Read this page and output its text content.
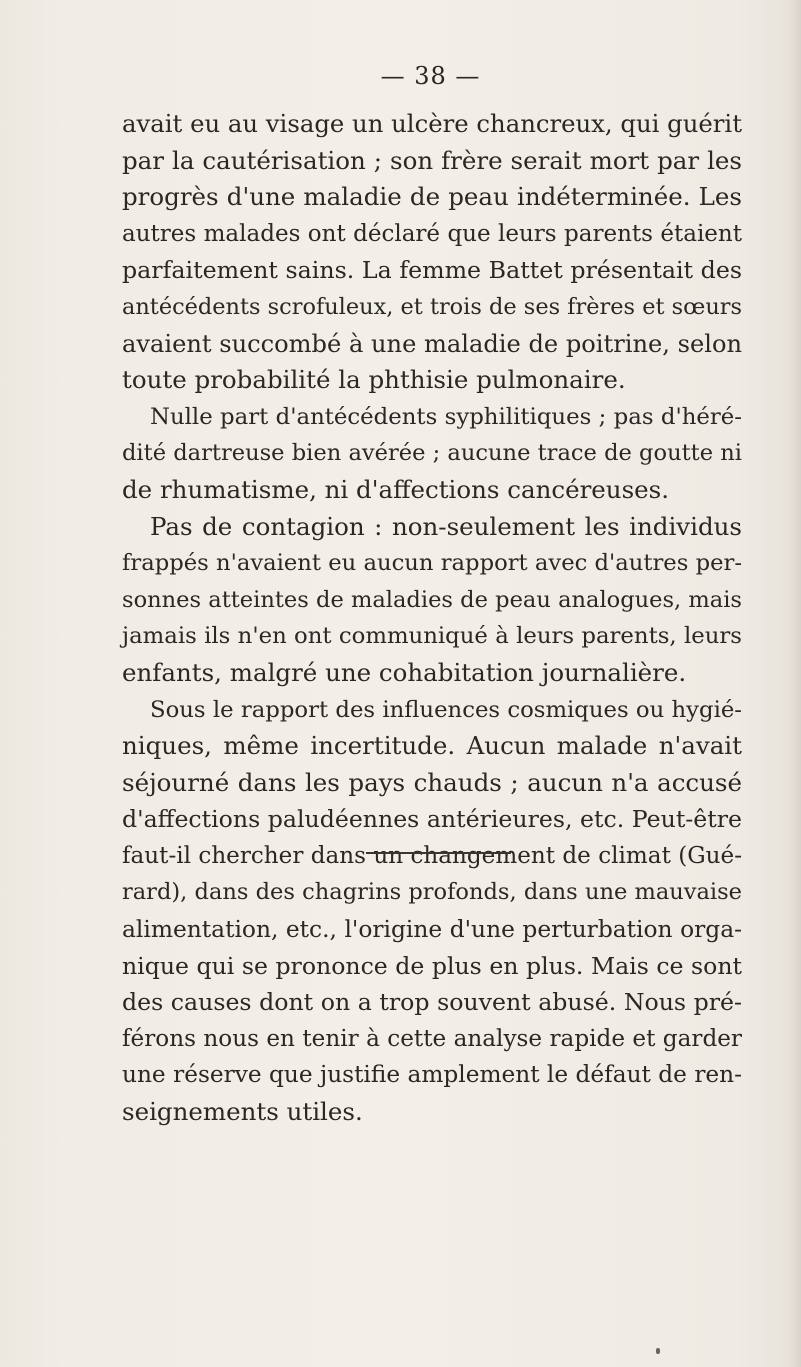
— 38 —
avait eu au visage un ulcère chancreux, qui guérit
par la cautérisation ; son frère serait mort par les
progrès d'une maladie de peau indéterminée. Les
autres malades ont déclaré que leurs parents étaient
parfaitement sains. La femme Battet présentait des
antécédents scrofuleux, et trois de ses frères et sœurs
avaient succombé à une maladie de poitrine, selon
toute probabilité la phthisie pulmonaire.
Nulle part d'antécédents syphilitiques ; pas d'héré-
dité dartreuse bien avérée ; aucune trace de goutte ni
de rhumatisme, ni d'affections cancéreuses.
Pas de contagion : non-seulement les individus
frappés n'avaient eu aucun rapport avec d'autres per-
sonnes atteintes de maladies de peau analogues, mais
jamais ils n'en ont communiqué à leurs parents, leurs
enfants, malgré une cohabitation journalière.
Sous le rapport des influences cosmiques ou hygié-
niques, même incertitude. Aucun malade n'avait
séjourné dans les pays chauds ; aucun n'a accusé
d'affections paludéennes antérieures, etc. Peut-être
faut-il chercher dans un changement de climat (Gué-
rard), dans des chagrins profonds, dans une mauvaise
alimentation, etc., l'origine d'une perturbation orga-
nique qui se prononce de plus en plus. Mais ce sont
des causes dont on a trop souvent abusé. Nous pré-
férons nous en tenir à cette analyse rapide et garder
une réserve que justifie amplement le défaut de ren-
seignements utiles.
